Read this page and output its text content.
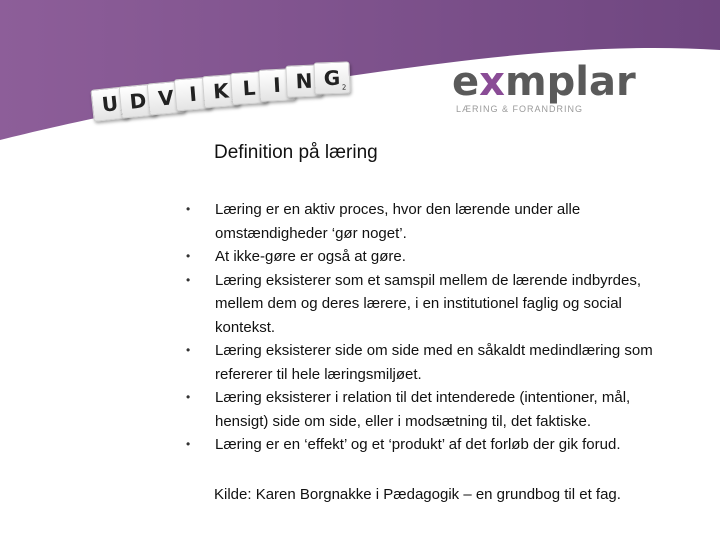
U D V I K L I N G 2	exmplar
LÆRING & FORANDRING
Definition på læring
• Læring er en aktiv proces, hvor den lærende under alle omstændigheder ‘gør noget’.
• At ikke-gøre er også at gøre.
• Læring eksisterer som et samspil mellem de lærende indbyrdes, mellem dem og deres lærere, i en institutionel faglig og social kontekst.
• Læring eksisterer side om side med en såkaldt medindlæring som refererer til hele læringsmiljøet.
• Læring eksisterer i relation til det intenderede (intentioner, mål, hensigt) side om side, eller i modsætning til, det faktiske.
• Læring er en ‘effekt’ og et ‘produkt’ af det forløb der gik forud.
Kilde: Karen Borgnakke i Pædagogik – en grundbog til et fag.
